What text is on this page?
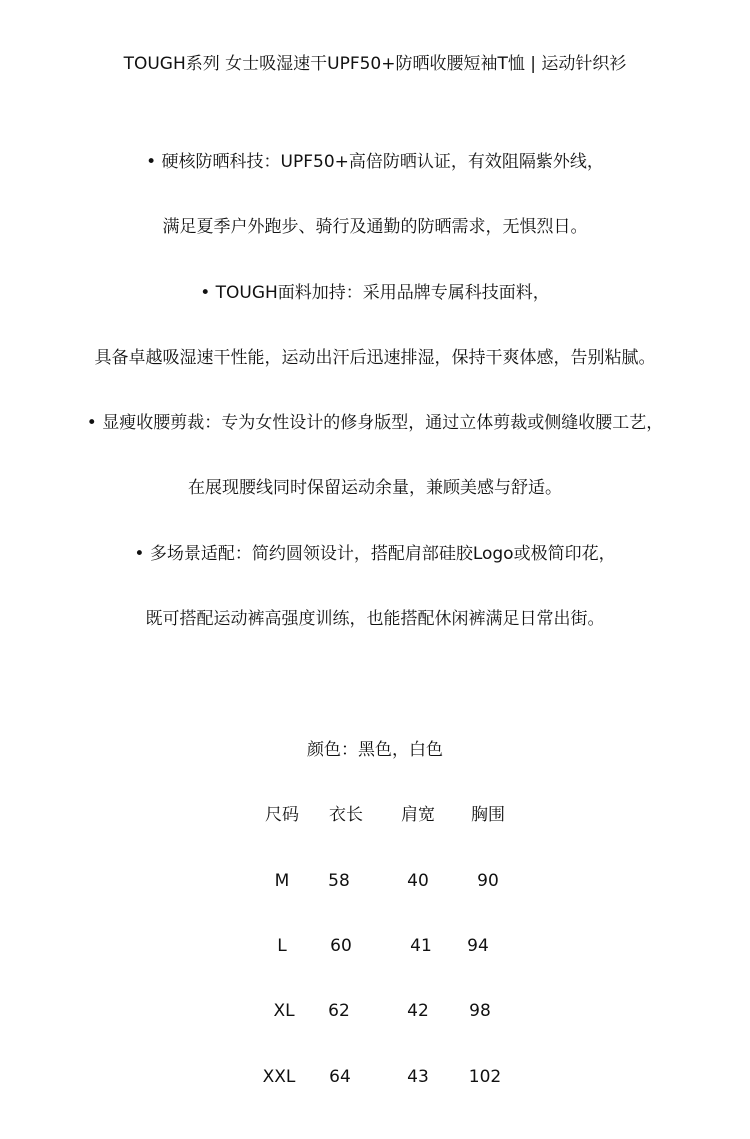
TOUGH系列 女士吸湿速干UPF50+防晒收腰短袖T恤 | 运动针织衫
• 硬核防晒科技：UPF50+高倍防晒认证，有效阻隔紫外线，
满足夏季户外跑步、骑行及通勤的防晒需求，无惧烈日。
• TOUGH面料加持：采用品牌专属科技面料，
具备卓越吸湿速干性能，运动出汗后迅速排湿，保持干爽体感，告别粘腻。
• 显瘦收腰剪裁：专为女性设计的修身版型，通过立体剪裁或侧缝收腰工艺，
在展现腰线同时保留运动余量，兼顾美感与舒适。
• 多场景适配：简约圆领设计，搭配肩部硅胶Logo或极简印花，
既可搭配运动裤高强度训练，也能搭配休闲裤满足日常出街。
颜色：黑色，白色
尺码	衣长	肩宽	胸围
M	58	40	90
L	60	41	94
XL	62	42	98
XXL	64	43	102
